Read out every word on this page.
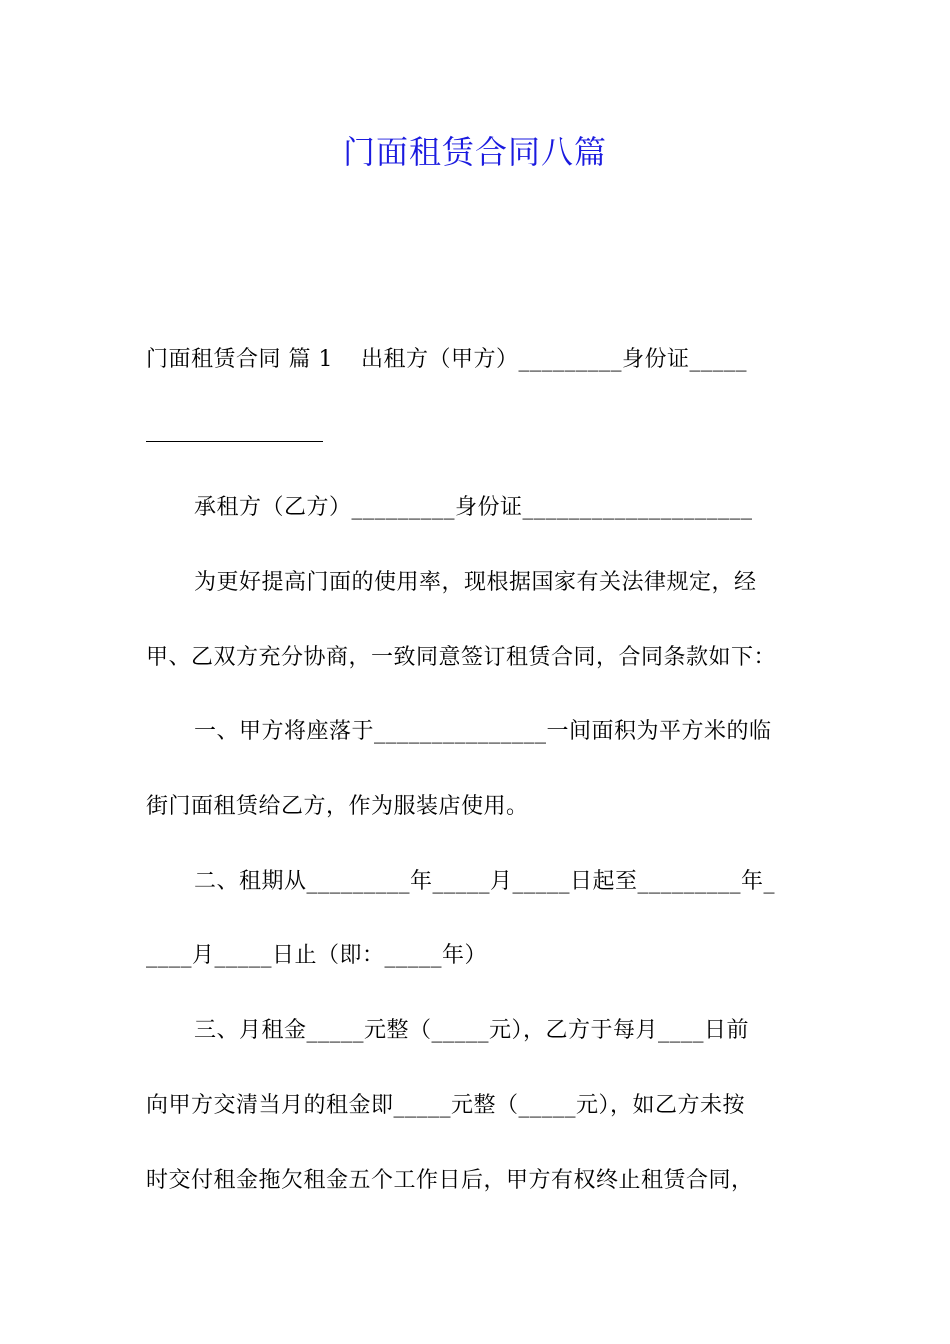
门面租赁合同八篇

门面租赁合同 篇 1 出租方（甲方）_________身份证_____

承租方（乙方）_________身份证____________________

为更好提高门面的使用率，现根据国家有关法律规定，经

甲、乙双方充分协商，一致同意签订租赁合同，合同条款如下：

一、甲方将座落于_______________一间面积为平方米的临

街门面租赁给乙方，作为服装店使用。

二、租期从_________年_____月_____日起至_________年_

____月_____日止（即：_____年）

三、月租金_____元整（_____元），乙方于每月____日前

向甲方交清当月的租金即_____元整（_____元），如乙方未按

时交付租金拖欠租金五个工作日后，甲方有权终止租赁合同，
